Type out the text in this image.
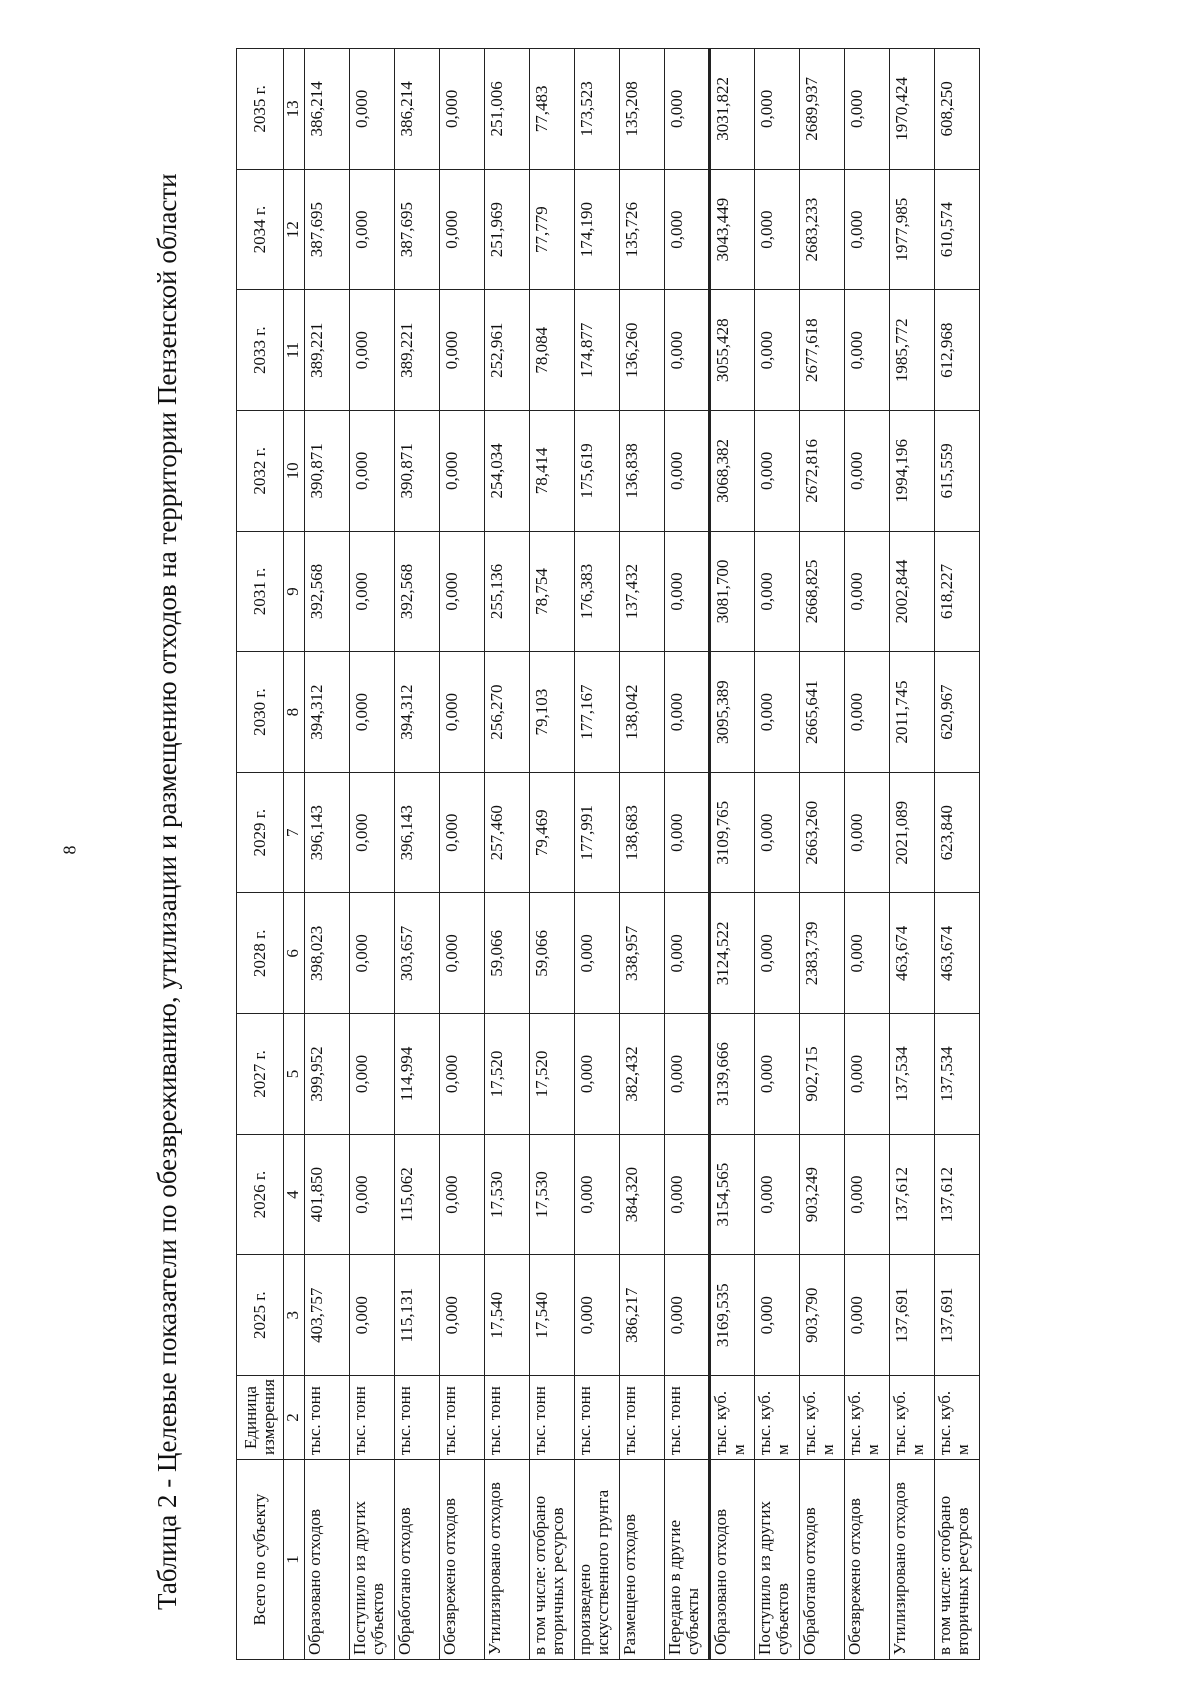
8	Таблица 2 - Целевые показатели по обезвреживанию, утилизации и размещению отходов на территории Пензенской области
Всего по субъекту	Единица измерения	2025 г.	2026 г.	2027 г.	2028 г.	2029 г.	2030 г.	2031 г.	2032 г.	2033 г.	2034 г.	2035 г.
1	2	3	4	5	6	7	8	9	10	11	12	13
Образовано отходов	тыс. тонн	403,757	401,850	399,952	398,023	396,143	394,312	392,568	390,871	389,221	387,695	386,214
Поступило из других субъектов	тыс. тонн	0,000	0,000	0,000	0,000	0,000	0,000	0,000	0,000	0,000	0,000	0,000
Обработано отходов	тыс. тонн	115,131	115,062	114,994	303,657	396,143	394,312	392,568	390,871	389,221	387,695	386,214
Обезврежено отходов	тыс. тонн	0,000	0,000	0,000	0,000	0,000	0,000	0,000	0,000	0,000	0,000	0,000
Утилизировано отходов	тыс. тонн	17,540	17,530	17,520	59,066	257,460	256,270	255,136	254,034	252,961	251,969	251,006
в том числе: отобрано вторичных ресурсов	тыс. тонн	17,540	17,530	17,520	59,066	79,469	79,103	78,754	78,414	78,084	77,779	77,483
произведено искусственного грунта	тыс. тонн	0,000	0,000	0,000	0,000	177,991	177,167	176,383	175,619	174,877	174,190	173,523
Размещено отходов	тыс. тонн	386,217	384,320	382,432	338,957	138,683	138,042	137,432	136,838	136,260	135,726	135,208
Передано в другие субъекты	тыс. тонн	0,000	0,000	0,000	0,000	0,000	0,000	0,000	0,000	0,000	0,000	0,000
Образовано отходов	тыс. куб. м	3169,535	3154,565	3139,666	3124,522	3109,765	3095,389	3081,700	3068,382	3055,428	3043,449	3031,822
Поступило из других субъектов	тыс. куб. м	0,000	0,000	0,000	0,000	0,000	0,000	0,000	0,000	0,000	0,000	0,000
Обработано отходов	тыс. куб. м	903,790	903,249	902,715	2383,739	2663,260	2665,641	2668,825	2672,816	2677,618	2683,233	2689,937
Обезврежено отходов	тыс. куб. м	0,000	0,000	0,000	0,000	0,000	0,000	0,000	0,000	0,000	0,000	0,000
Утилизировано отходов	тыс. куб. м	137,691	137,612	137,534	463,674	2021,089	2011,745	2002,844	1994,196	1985,772	1977,985	1970,424
в том числе: отобрано вторичных ресурсов	тыс. куб. м	137,691	137,612	137,534	463,674	623,840	620,967	618,227	615,559	612,968	610,574	608,250
